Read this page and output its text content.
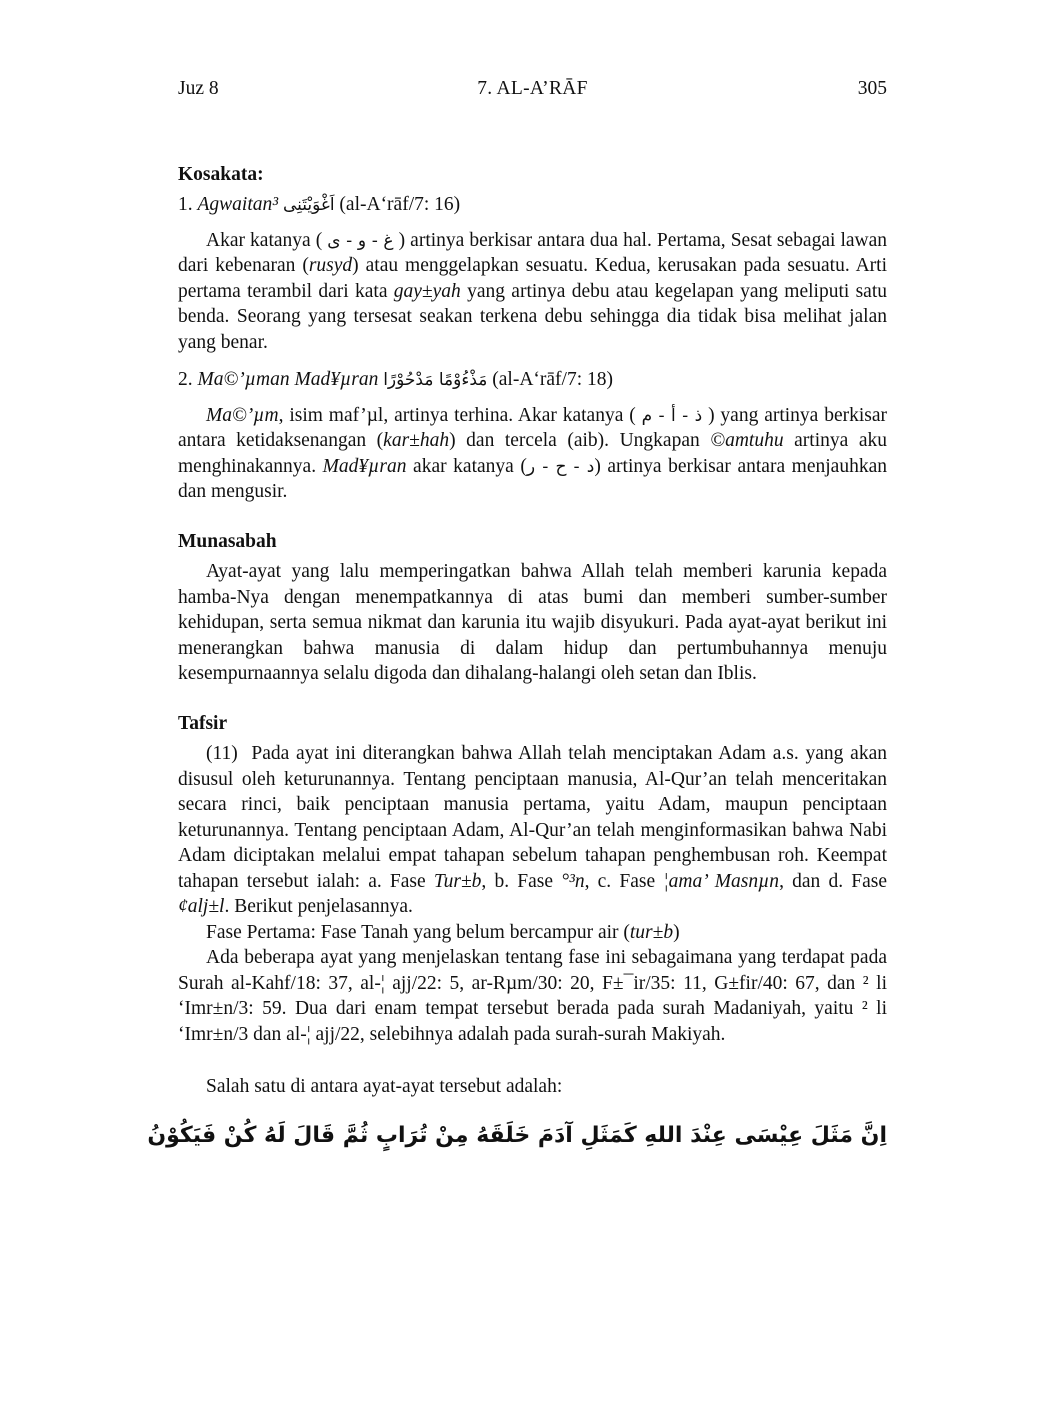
Juz 8	7. AL-A’RĀF	305
Kosakata:

1. Agwaitan³ اَغْوَيْتَنِى (al-A‘rāf/7: 16)

Akar katanya ( غ - و - ى ) artinya berkisar antara dua hal. Pertama, Sesat sebagai lawan dari kebenaran (rusyd) atau menggelapkan sesuatu. Kedua, kerusakan pada sesuatu. Arti pertama terambil dari kata gay±yah yang artinya debu atau kegelapan yang meliputi satu benda. Seorang yang tersesat seakan terkena debu sehingga dia tidak bisa melihat jalan yang benar.

2. Ma©’µman Mad¥µran مَذْءُوْمًا مَدْحُوْرًا (al-A‘rāf/7: 18)

Ma©’µm, isim maf’µl, artinya terhina. Akar katanya ( ذ - أ - م ) yang artinya berkisar antara ketidaksenangan (kar±hah) dan tercela (aib). Ungkapan ©amtuhu artinya aku menghinakannya. Mad¥µran akar katanya (د - ح - ر) artinya berkisar antara menjauhkan dan mengusir.

Munasabah

Ayat-ayat yang lalu memperingatkan bahwa Allah telah memberi karunia kepada hamba-Nya dengan menempatkannya di atas bumi dan memberi sumber-sumber kehidupan, serta semua nikmat dan karunia itu wajib disyukuri. Pada ayat-ayat berikut ini menerangkan bahwa manusia di dalam hidup dan pertumbuhannya menuju kesempurnaannya selalu digoda dan dihalang-halangi oleh setan dan Iblis.

Tafsir

(11)  Pada ayat ini diterangkan bahwa Allah telah menciptakan Adam a.s. yang akan disusul oleh keturunannya. Tentang penciptaan manusia, Al-Qur’an telah menceritakan secara rinci, baik penciptaan manusia pertama, yaitu Adam, maupun penciptaan keturunannya. Tentang penciptaan Adam, Al-Qur’an telah menginformasikan bahwa Nabi Adam diciptakan melalui empat tahapan sebelum tahapan penghembusan roh. Keempat tahapan tersebut ialah: a. Fase Tur±b, b. Fase °³n, c. Fase ¦ama’ Masnµn, dan d. Fase ¢alj±l. Berikut penjelasannya.

Fase Pertama: Fase Tanah yang belum bercampur air (tur±b)

Ada beberapa ayat yang menjelaskan tentang fase ini sebagaimana yang terdapat pada Surah al-Kahf/18: 37, al-¦ ajj/22: 5, ar-Rµm/30: 20, F±¯ir/35: 11, G±fir/40: 67, dan ² li ‘Imr±n/3: 59. Dua dari enam tempat tersebut berada pada surah Madaniyah, yaitu ² li ‘Imr±n/3 dan al-¦ ajj/22, selebihnya adalah pada surah-surah Makiyah.

Salah satu di antara ayat-ayat tersebut adalah:

اِنَّ مَثَلَ عِيْسَى عِنْدَ اللهِ كَمَثَلِ آدَمَ خَلَقَهُ مِنْ تُرَابٍ ثُمَّ قَالَ لَهُ كُنْ فَيَكُوْنُ
